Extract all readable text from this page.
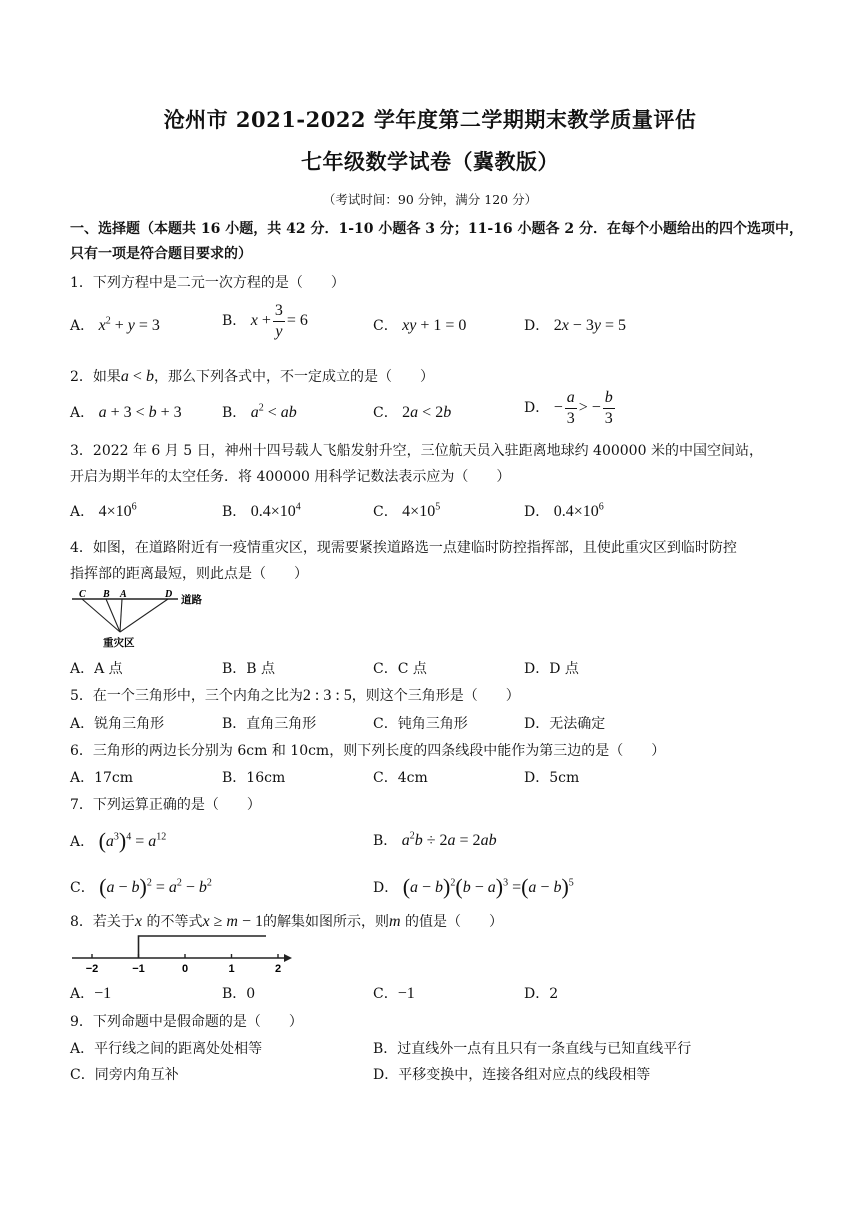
沧州市 2021-2022 学年度第二学期期末教学质量评估
七年级数学试卷（冀教版）
（考试时间：90 分钟，满分 120 分）
一、选择题（本题共 16 小题，共 42 分．1-10 小题各 3 分；11-16 小题各 2 分．在每个小题给出的四个选项中，
只有一项是符合题目要求的）
1．下列方程中是二元一次方程的是（　　）
A． $x^2 + y = 3$	B． $x + \frac{3}{y} = 6$	C． xy + 1 = 0	D． 2x − 3y = 5
2．如果a < b，那么下列各式中，不一定成立的是（　　）
A． a + 3 < b + 3	B． $a^2$ < ab	C． 2a < 2b	D． − $\frac{a}{3}$ > − $\frac{b}{3}$
3．2022 年 6 月 5 日，神州十四号载人飞船发射升空，三位航天员入驻距离地球约 400000 米的中国空间站，
开启为期半年的太空任务．将 400000 用科学记数法表示应为（　　）
A． $4\times 10^6$	B． $0.4\times 10^4$	C． $4\times 10^5$	D． $0.4\times 10^6$
4．如图，在道路附近有一疫情重灾区，现需要紧挨道路选一点建临时防控指挥部，且使此重灾区到临时防控
指挥部的距离最短，则此点是（　　）
C B A	D 道路
重灾区
A．A 点	B．B 点	C．C 点	D．D 点
5．在一个三角形中，三个内角之比为2 : 3 : 5，则这个三角形是（　　）
A．锐角三角形	B．直角三角形	C．钝角三角形	D．无法确定
6．三角形的两边长分别为 6cm 和 10cm，则下列长度的四条线段中能作为第三边的是（　　）
A．17cm	B．16cm	C．4cm	D．5cm
7．下列运算正确的是（　　）
A． $(a^3)^4 = a^{12}$	B． $a^2b \div 2a = 2ab$
C． $(a - b)^2 = a^2 - b^2$	D． $(a - b)^2(b - a)^3 =(a - b)^5$
8．若关于x 的不等式x ≥ m − 1的解集如图所示，则m 的值是（　　）
−2	−1	0	1	2
A．−1	B．0	C．−1	D．2
9．下列命题中是假命题的是（　　）
A．平行线之间的距离处处相等	B．过直线外一点有且只有一条直线与已知直线平行
C．同旁内角互补	D．平移变换中，连接各组对应点的线段相等
